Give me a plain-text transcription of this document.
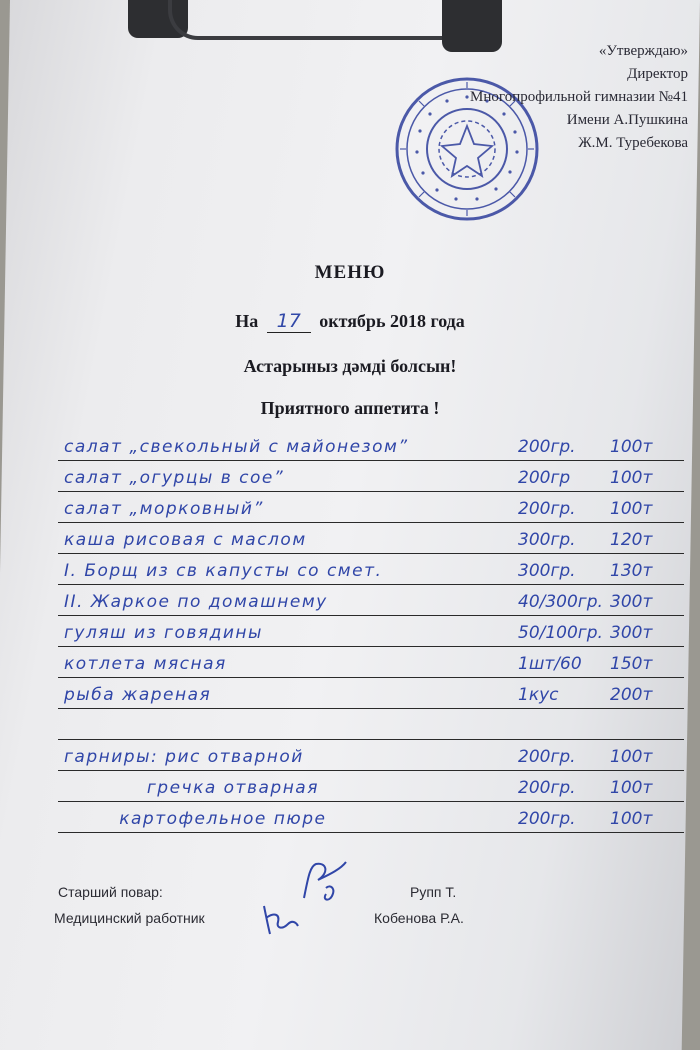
«Утверждаю»
Директор
Многопрофильной гимназии №41
Имени А.Пушкина
Ж.М. Туребекова
МЕНЮ
На 17 октябрь 2018 года
Астарыныз дәмді болсын!
Приятного аппетита !
салат „свекольный с майонезом”	200гр. 100т
салат „огурцы в сое”	200гр 100т
салат „морковный”	200гр. 100т
каша рисовая с маслом	300гр. 120т
I. Борщ из св капусты со смет.	300гр. 130т
II. Жаркое по домашнему	40/300гр. 300т
гуляш из говядины	50/100гр. 300т
котлета мясная	1шт/60 150т
рыба жареная	1кус	200т
гарниры: рис отварной	200гр. 100т
гречка отварная	200гр. 100т
картофельное пюре	200гр. 100т
Старший повар:	Рупп Т.
Медицинский работник	Кобенова Р.А.
